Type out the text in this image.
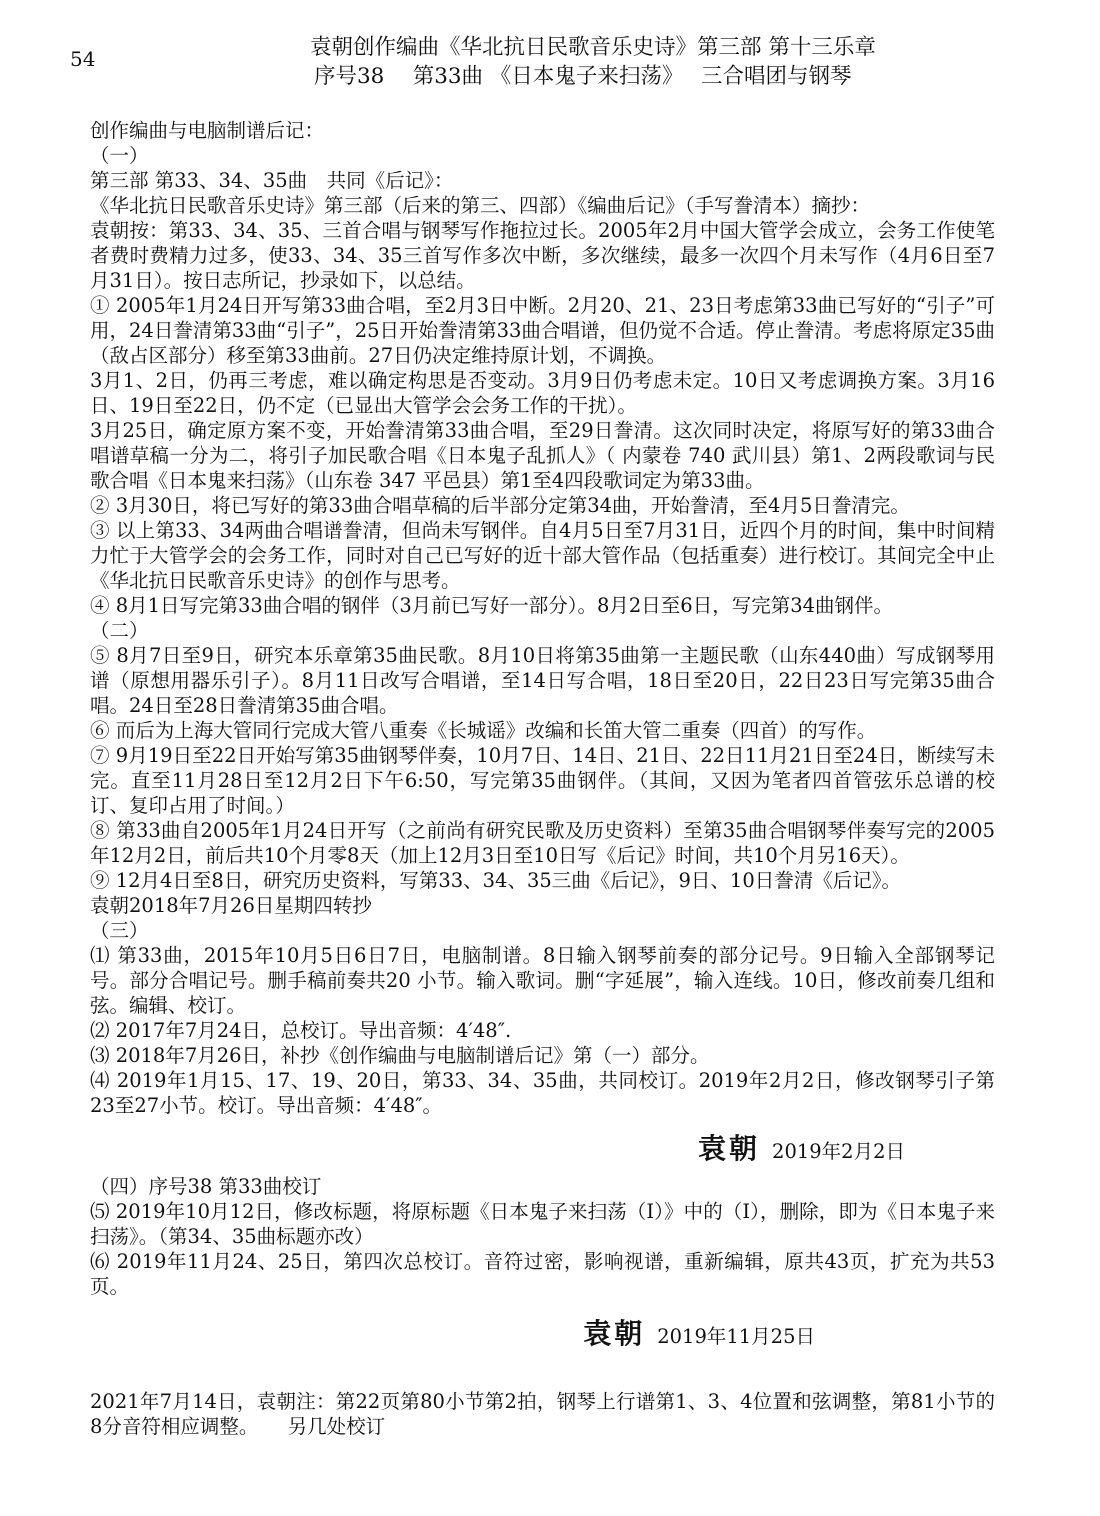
54	袁朝创作编曲《华北抗日民歌音乐史诗》第三部 第十三乐章
序号38　 第33曲 《日本鬼子来扫荡》　 三合唱团与钢琴

创作编曲与电脑制谱后记：

（一）

第三部 第33、34、35曲　共同《后记》：

《华北抗日民歌音乐史诗》第三部（后来的第三、四部）《编曲后记》（手写誊清本）摘抄：

袁朝按：第33、34、35、三首合唱与钢琴写作拖拉过长。2005年2月中国大管学会成立，会务工作使笔者费时费精力过多，使33、34、35三首写作多次中断，多次继续，最多一次四个月未写作（4月6日至7月31日）。按日志所记，抄录如下，以总结。

① 2005年1月24日开写第33曲合唱，至2月3日中断。2月20、21、23日考虑第33曲已写好的“引子”可用，24日誊清第33曲“引子”，25日开始誊清第33曲合唱谱，但仍觉不合适。停止誊清。考虑将原定35曲（敌占区部分）移至第33曲前。27日仍决定维持原计划，不调换。

3月1、2日，仍再三考虑，难以确定构思是否变动。3月9日仍考虑未定。10日又考虑调换方案。3月16日、19日至22日，仍不定（已显出大管学会会务工作的干扰）。

3月25日，确定原方案不变，开始誊清第33曲合唱，至29日誊清。这次同时决定，将原写好的第33曲合唱谱草稿一分为二，将引子加民歌合唱《日本鬼子乱抓人》（ 内蒙卷 740 武川县）第1、2两段歌词与民歌合唱《日本鬼来扫荡》（山东卷 347 平邑县）第1至4四段歌词定为第33曲。

② 3月30日，将已写好的第33曲合唱草稿的后半部分定第34曲，开始誊清，至4月5日誊清完。

③ 以上第33、34两曲合唱谱誊清，但尚未写钢伴。自4月5日至7月31日，近四个月的时间，集中时间精力忙于大管学会的会务工作，同时对自己已写好的近十部大管作品（包括重奏）进行校订。其间完全中止《华北抗日民歌音乐史诗》的创作与思考。

④ 8月1日写完第33曲合唱的钢伴（3月前已写好一部分）。8月2日至6日，写完第34曲钢伴。

（二）

⑤ 8月7日至9日，研究本乐章第35曲民歌。8月10日将第35曲第一主题民歌（山东440曲）写成钢琴用谱（原想用器乐引子）。8月11日改写合唱谱，至14日写合唱，18日至20日，22日23日写完第35曲合唱。24日至28日誊清第35曲合唱。

⑥ 而后为上海大管同行完成大管八重奏《长城谣》改编和长笛大管二重奏（四首）的写作。

⑦ 9月19日至22日开始写第35曲钢琴伴奏，10月7日、14日、21日、22日11月21日至24日，断续写未完。直至11月28日至12月2日下午6:50，写完第35曲钢伴。（其间，又因为笔者四首管弦乐总谱的校订、复印占用了时间。）

⑧ 第33曲自2005年1月24日开写（之前尚有研究民歌及历史资料）至第35曲合唱钢琴伴奏写完的2005年12月2日，前后共10个月零8天（加上12月3日至10日写《后记》时间，共10个月另16天）。

⑨ 12月4日至8日，研究历史资料，写第33、34、35三曲《后记》，9日、10日誊清《后记》。

袁朝2018年7月26日星期四转抄

（三）

⑴ 第33曲，2015年10月5日6日7日，电脑制谱。8日输入钢琴前奏的部分记号。9日输入全部钢琴记号。部分合唱记号。删手稿前奏共20 小节。输入歌词。删“字延展”，输入连线。10日，修改前奏几组和弦。编辑、校订。

⑵ 2017年7月24日，总校订。导出音频：4′48″.

⑶ 2018年7月26日，补抄《创作编曲与电脑制谱后记》第（一）部分。

⑷ 2019年1月15、17、19、20日，第33、34、35曲，共同校订。2019年2月2日，修改钢琴引子第23至27小节。校订。导出音频：4′48″。

袁朝 2019年2月2日

（四）序号38 第33曲校订

⑸ 2019年10月12日，修改标题，将原标题《日本鬼子来扫荡（Ⅰ）》中的（Ⅰ），删除，即为《日本鬼子来扫荡》。（第34、35曲标题亦改）

⑹ 2019年11月24、25日，第四次总校订。音符过密，影响视谱，重新编辑，原共43页，扩充为共53页。

袁朝 2019年11月25日

2021年7月14日，袁朝注：第22页第80小节第2拍，钢琴上行谱第1、3、4位置和弦调整，第81小节的8分音符相应调整。　　另几处校订
